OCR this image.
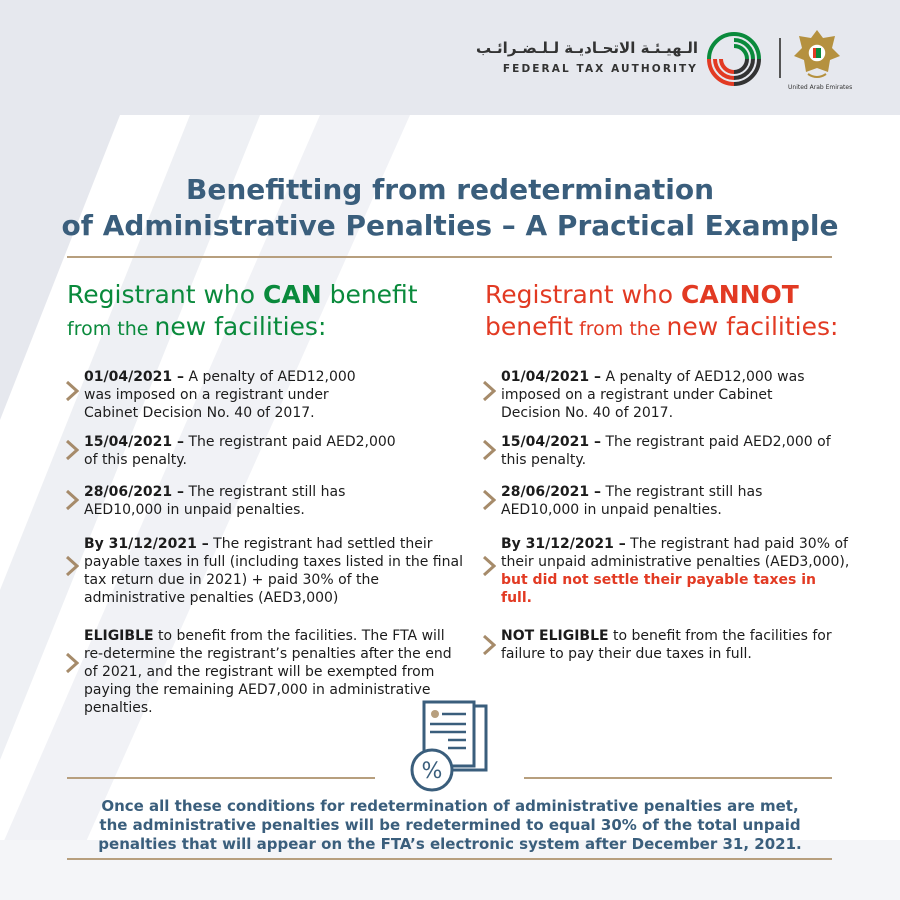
الـهيـئـة الاتحـاديـة لـلـضـرائـب
FEDERAL TAX AUTHORITY
United Arab Emirates
Benefitting from redetermination
of Administrative Penalties – A Practical Example
Registrant who CAN benefit
from the new facilities:
01/04/2021 – A penalty of AED12,000 was imposed on a registrant under Cabinet Decision No. 40 of 2017.
15/04/2021 – The registrant paid AED2,000 of this penalty.
28/06/2021 – The registrant still has AED10,000 in unpaid penalties.
By 31/12/2021 – The registrant had settled their payable taxes in full (including taxes listed in the final tax return due in 2021) + paid 30% of the administrative penalties (AED3,000)
ELIGIBLE to benefit from the facilities. The FTA will re-determine the registrant’s penalties after the end of 2021, and the registrant will be exempted from paying the remaining AED7,000 in administrative penalties.
Registrant who CANNOT
benefit from the new facilities:
01/04/2021 – A penalty of AED12,000 was imposed on a registrant under Cabinet Decision No. 40 of 2017.
15/04/2021 – The registrant paid AED2,000 of this penalty.
28/06/2021 – The registrant still has AED10,000 in unpaid penalties.
By 31/12/2021 – The registrant had paid 30% of their unpaid administrative penalties (AED3,000), but did not settle their payable taxes in full.
NOT ELIGIBLE to benefit from the facilities for failure to pay their due taxes in full.
%
Once all these conditions for redetermination of administrative penalties are met, the administrative penalties will be redetermined to equal 30% of the total unpaid penalties that will appear on the FTA’s electronic system after December 31, 2021.
